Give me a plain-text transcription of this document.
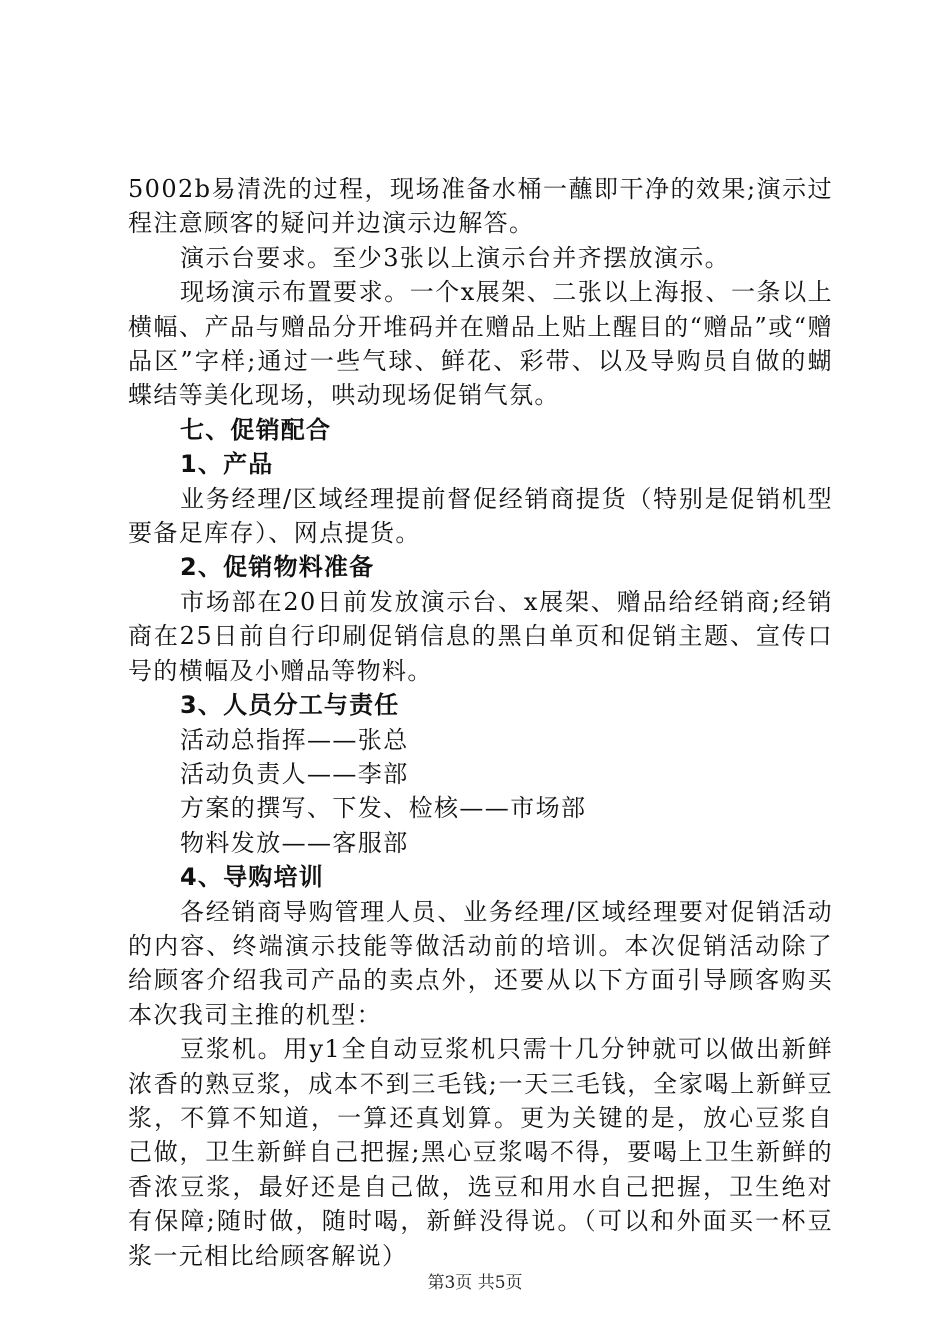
5002b易清洗的过程，现场准备水桶一蘸即干净的效果;演示过程注意顾客的疑问并边演示边解答。

演示台要求。至少3张以上演示台并齐摆放演示。

现场演示布置要求。一个x展架、二张以上海报、一条以上横幅、产品与赠品分开堆码并在赠品上贴上醒目的“赠品”或“赠品区”字样;通过一些气球、鲜花、彩带、以及导购员自做的蝴蝶结等美化现场，哄动现场促销气氛。

七、促销配合

1、产品

业务经理/区域经理提前督促经销商提货（特别是促销机型要备足库存）、网点提货。

2、促销物料准备

市场部在20日前发放演示台、x展架、赠品给经销商;经销商在25日前自行印刷促销信息的黑白单页和促销主题、宣传口号的横幅及小赠品等物料。

3、人员分工与责任

活动总指挥——张总

活动负责人——李部

方案的撰写、下发、检核——市场部

物料发放——客服部

4、导购培训

各经销商导购管理人员、业务经理/区域经理要对促销活动的内容、终端演示技能等做活动前的培训。本次促销活动除了给顾客介绍我司产品的卖点外，还要从以下方面引导顾客购买本次我司主推的机型：

豆浆机。用y1全自动豆浆机只需十几分钟就可以做出新鲜浓香的熟豆浆，成本不到三毛钱;一天三毛钱，全家喝上新鲜豆浆，不算不知道，一算还真划算。更为关键的是，放心豆浆自己做，卫生新鲜自己把握;黑心豆浆喝不得，要喝上卫生新鲜的香浓豆浆，最好还是自己做，选豆和用水自己把握，卫生绝对有保障;随时做，随时喝，新鲜没得说。（可以和外面买一杯豆浆一元相比给顾客解说）

第3页 共5页
